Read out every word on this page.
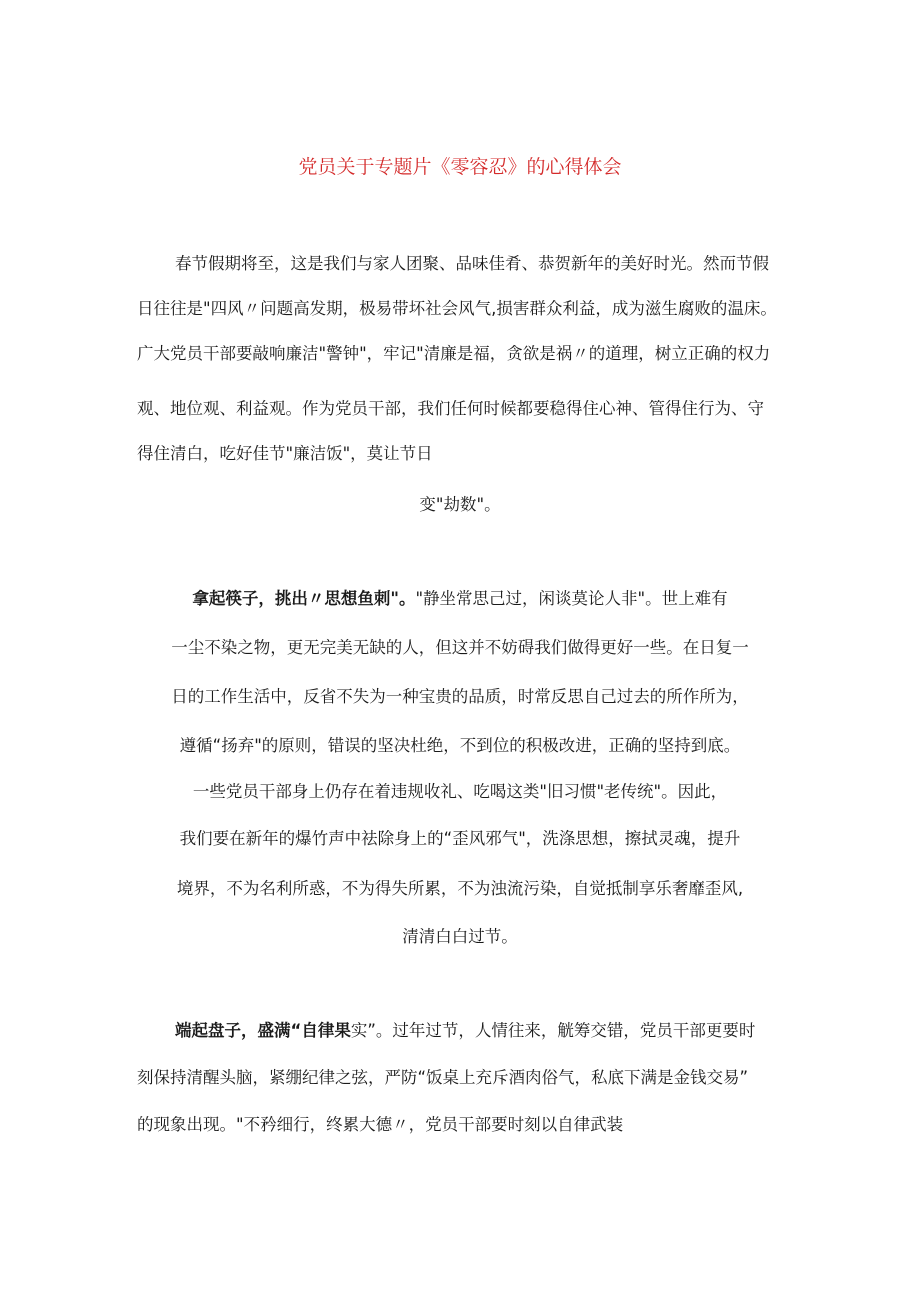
党员关于专题片《零容忍》的心得体会
春节假期将至，这是我们与家人团聚、品味佳肴、恭贺新年的美好时光。然而节假
日往往是"四风〃问题高发期，极易带坏社会风气,损害群众利益，成为滋生腐败的温床。
广大党员干部要敲响廉洁"警钟"，牢记"清廉是福，贪欲是祸〃的道理，树立正确的权力
观、地位观、利益观。作为党员干部，我们任何时候都要稳得住心神、管得住行为、守
得住清白，吃好佳节"廉洁饭"，莫让节日
变"劫数"。
拿起筷子，挑出〃思想鱼刺"。"静坐常思己过，闲谈莫论人非"。世上难有
一尘不染之物，更无完美无缺的人，但这并不妨碍我们做得更好一些。在日复一
日的工作生活中，反省不失为一种宝贵的品质，时常反思自己过去的所作所为，
遵循“扬弃"的原则，错误的坚决杜绝，不到位的积极改进，正确的坚持到底。
一些党员干部身上仍存在着违规收礼、吃喝这类"旧习惯"老传统"。因此，
我们要在新年的爆竹声中祛除身上的“歪风邪气"，洗涤思想，擦拭灵魂，提升
境界，不为名利所惑，不为得失所累，不为浊流污染，自觉抵制享乐奢靡歪风,
清清白白过节。
端起盘子，盛满“自律果实”。过年过节，人情往来，觥筹交错，党员干部更要时
刻保持清醒头脑，紧绷纪律之弦，严防“饭桌上充斥酒肉俗气，私底下满是金钱交易”
的现象出现。"不矜细行，终累大德〃，党员干部要时刻以自律武装
